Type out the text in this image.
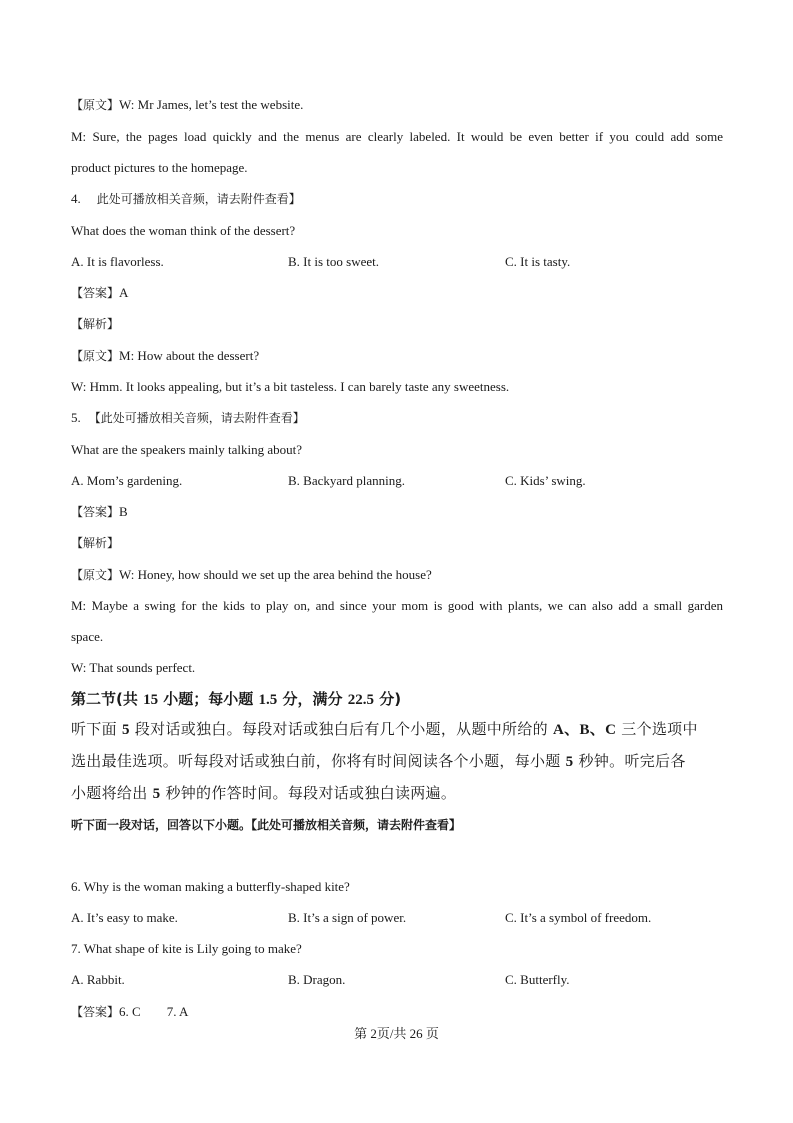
【原文】W: Mr James, let’s test the website.
M: Sure, the pages load quickly and the menus are clearly labeled. It would be even better if you could add some
product pictures to the homepage.
4. 此处可播放相关音频，请去附件查看】
What does the woman think of the dessert?
A. It is flavorless.	B. It is too sweet.	C. It is tasty.
【答案】A
【解析】
【原文】M: How about the dessert?
W: Hmm. It looks appealing, but it’s a bit tasteless. I can barely taste any sweetness.
5. 【此处可播放相关音频，请去附件查看】
What are the speakers mainly talking about?
A. Mom’s gardening.	B. Backyard planning.	C. Kids’ swing.
【答案】B
【解析】
【原文】W: Honey, how should we set up the area behind the house?
M: Maybe a swing for the kids to play on, and since your mom is good with plants, we can also add a small garden
space.
W: That sounds perfect.
第二节(共 15 小题；每小题 1.5 分，满分 22.5 分)
听下面 5 段对话或独白。每段对话或独白后有几个小题，从题中所给的 A、B、C 三个选项中
选出最佳选项。听每段对话或独白前，你将有时间阅读各个小题，每小题 5 秒钟。听完后各
小题将给出 5 秒钟的作答时间。每段对话或独白读两遍。
听下面一段对话，回答以下小题。【此处可播放相关音频，请去附件查看】
6. Why is the woman making a butterfly-shaped kite?
A. It’s easy to make.	B. It’s a sign of power.	C. It’s a symbol of freedom.
7. What shape of kite is Lily going to make?
A. Rabbit.	B. Dragon.	C. Butterfly.
【答案】6. C 7. A
第 2页/共 26 页
